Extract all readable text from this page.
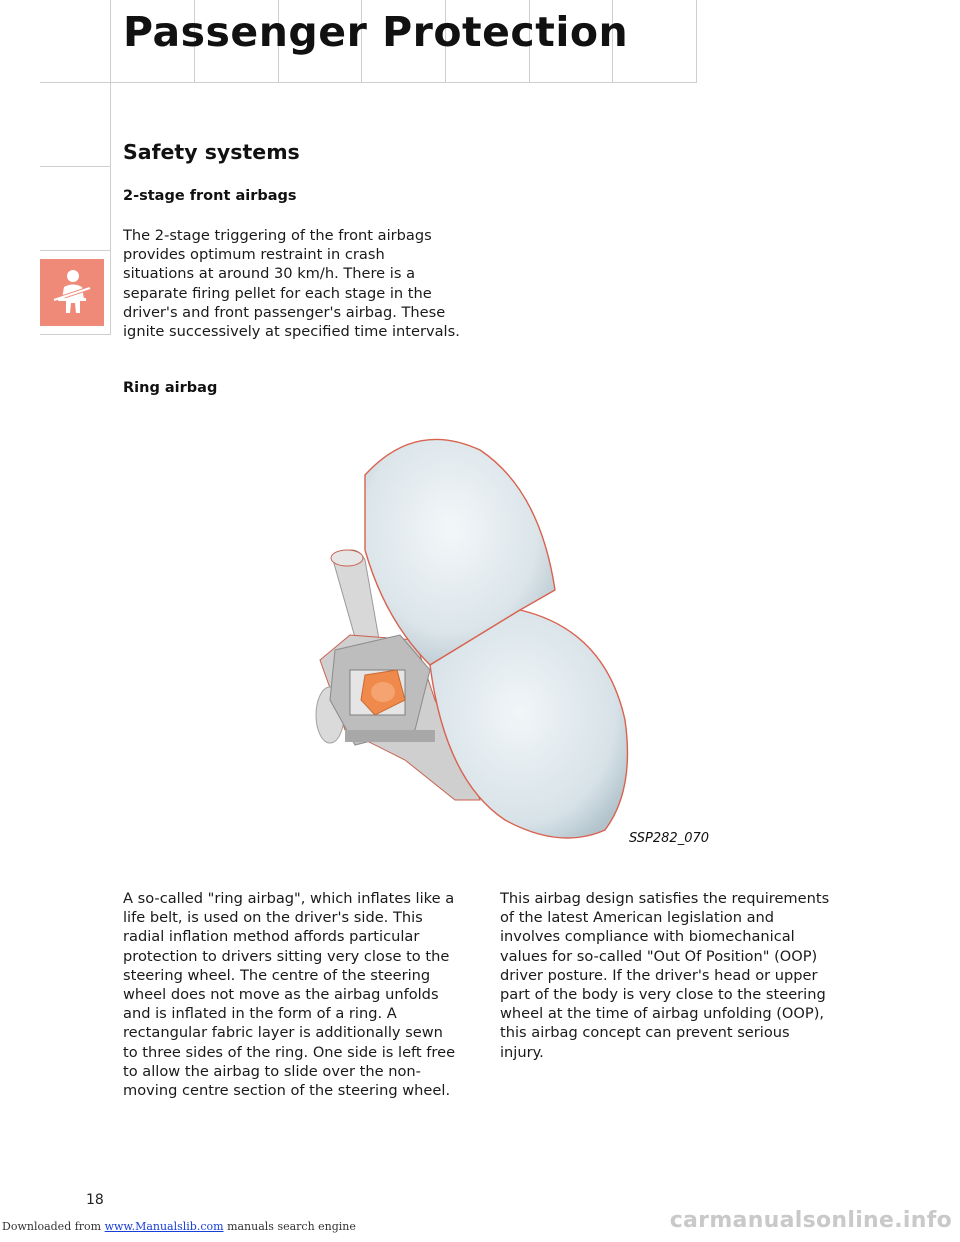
Passenger Protection
Safety systems
2-stage front airbags

The 2-stage triggering of the front airbags
provides optimum restraint in crash
situations at around 30 km/h. There is a
separate firing pellet for each stage in the
driver's and front passenger's airbag. These
ignite successively at specified time intervals.

Ring airbag
SSP282_070

A so-called "ring airbag", which inflates like a
life belt, is used on the driver's side. This
radial inflation method affords particular
protection to drivers sitting very close to the
steering wheel. The centre of the steering
wheel does not move as the airbag unfolds
and is inflated in the form of a ring. A
rectangular fabric layer is additionally sewn
to three sides of the ring. One side is left free
to allow the airbag to slide over the non-
moving centre section of the steering wheel.

This airbag design satisfies the requirements
of the latest American legislation and
involves compliance with biomechanical
values for so-called "Out Of Position" (OOP)
driver posture. If the driver's head or upper
part of the body is very close to the steering
wheel at the time of airbag unfolding (OOP),
this airbag concept can prevent serious
injury.

18
Downloaded from www.Manualslib.com manuals search engine	carmanualsonline.info
